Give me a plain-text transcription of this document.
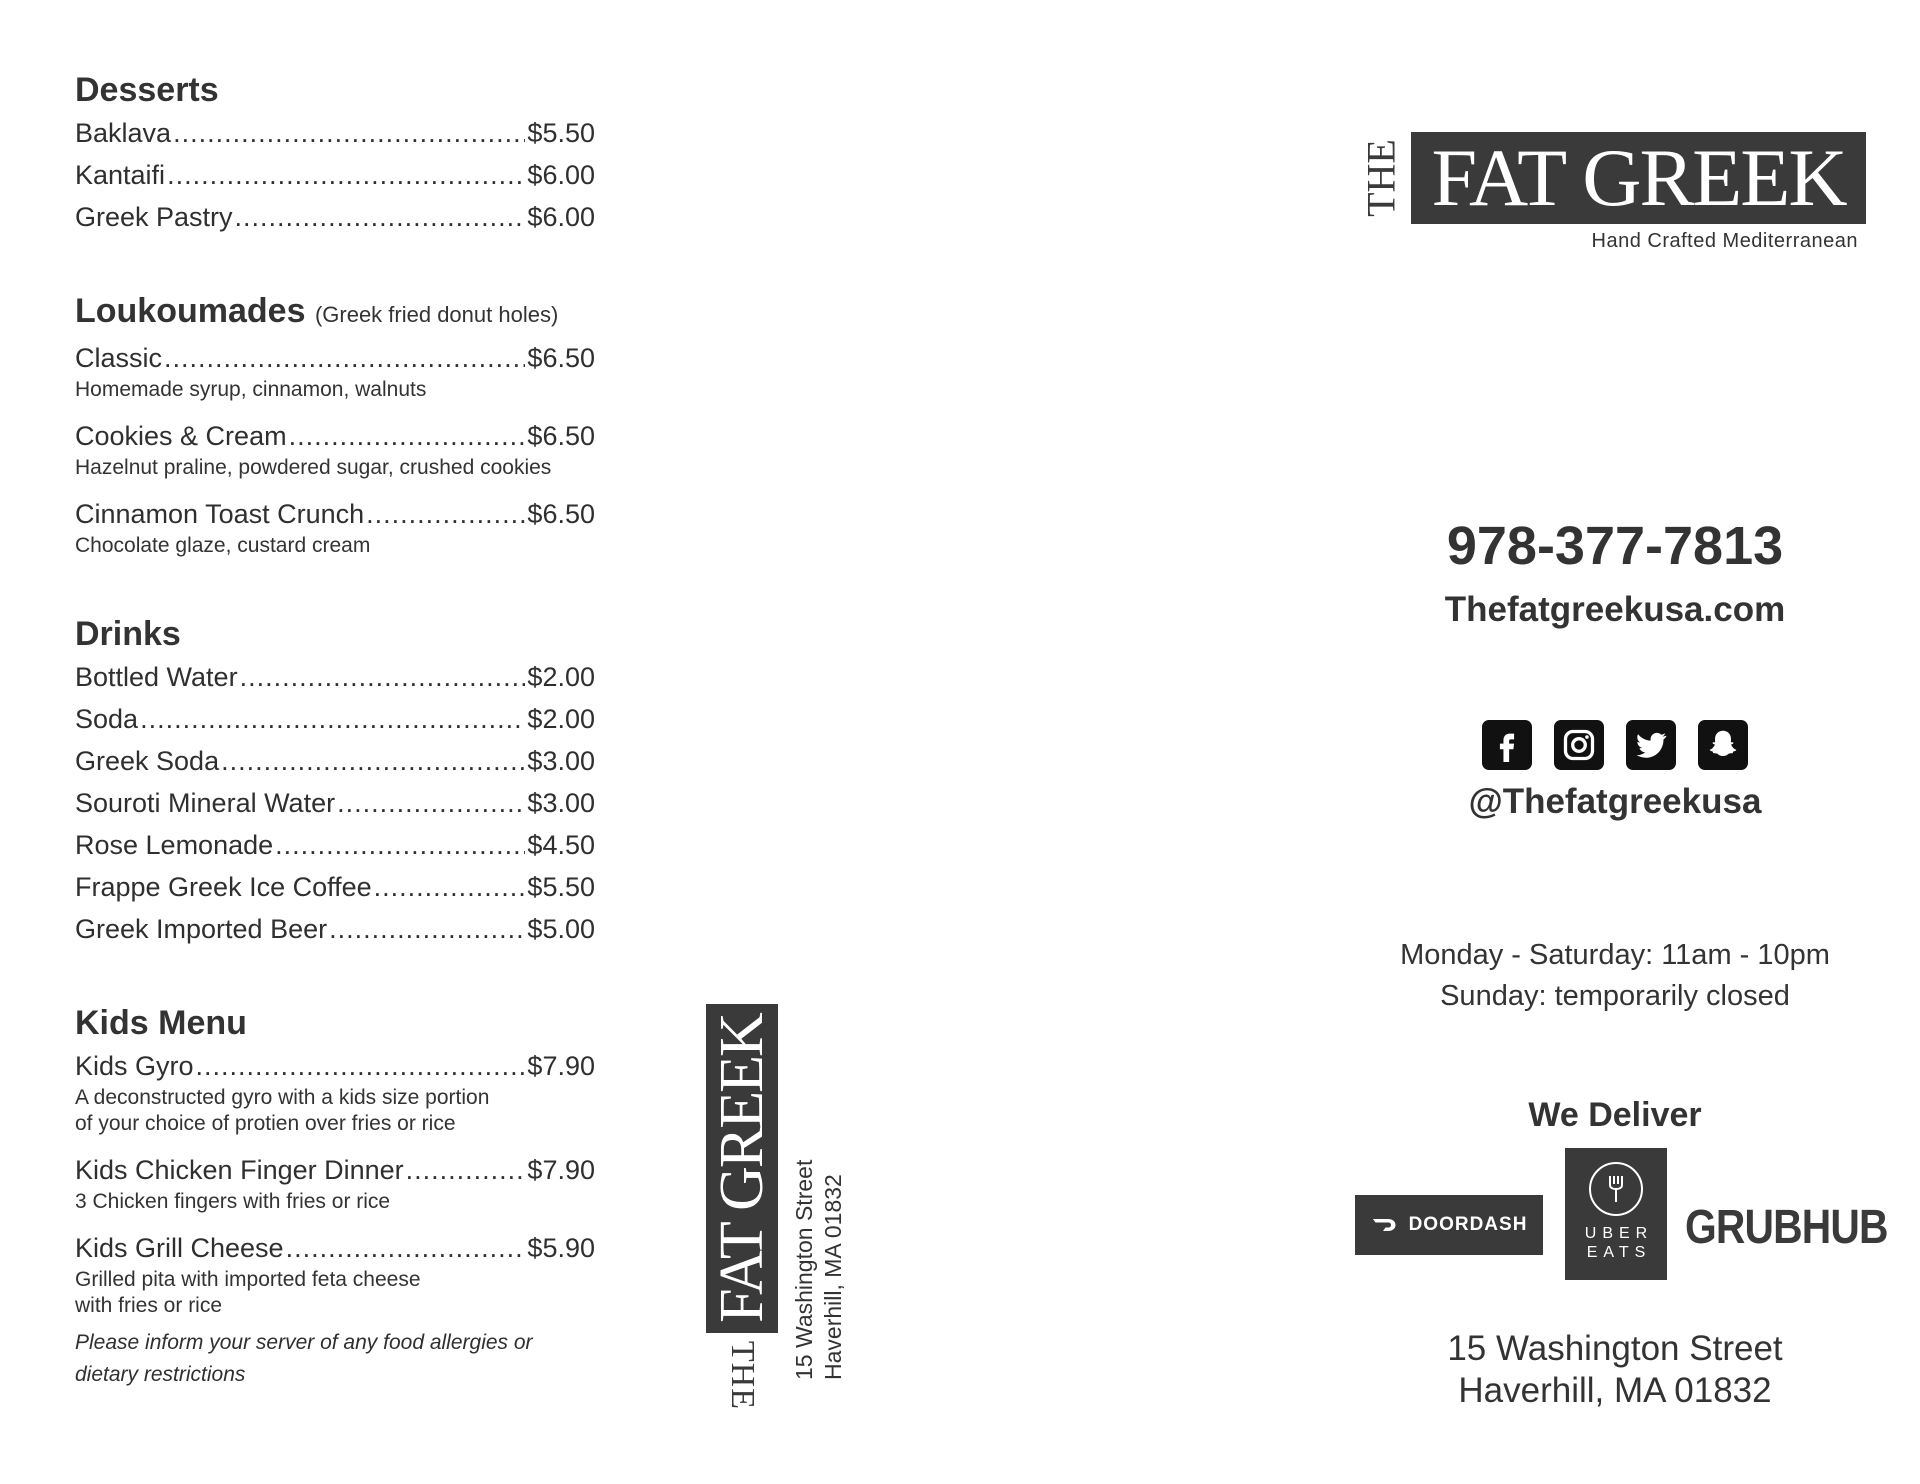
Desserts
Baklava .....	$5.50
Kantaifi .....	$6.00
Greek Pastry .....	$6.00
Loukoumades (Greek fried donut holes)
Classic .....	$6.50
Homemade syrup, cinnamon, walnuts
Cookies & Cream .....	$6.50
Hazelnut praline, powdered sugar, crushed cookies
Cinnamon Toast Crunch .....	$6.50
Chocolate glaze, custard cream
Drinks
Bottled Water .....	$2.00
Soda .....	$2.00
Greek Soda .....	$3.00
Souroti Mineral Water .....	$3.00
Rose Lemonade .....	$4.50
Frappe Greek Ice Coffee .....	$5.50
Greek Imported Beer .....	$5.00
Kids Menu
Kids Gyro .....	$7.90
A deconstructed gyro with a kids size portion
of your choice of protien over fries or rice
Kids Chicken Finger Dinner .....	$7.90
3 Chicken fingers with fries or rice
Kids Grill Cheese .....	$5.90
Grilled pita with imported feta cheese
with fries or rice
Please inform your server of any food allergies or dietary restrictions	THE
FAT GREEK 15 Washington Street Haverhill, MA 01832
THE FAT GREEK
Hand Crafted Mediterranean
978-377-7813
Thefatgreekusa.com
@Thefatgreekusa
Monday - Saturday: 11am - 10pm
Sunday: temporarily closed
We Deliver
DOORDASH	UBER
EATS GRUBHUB
15 Washington Street
Haverhill, MA 01832
